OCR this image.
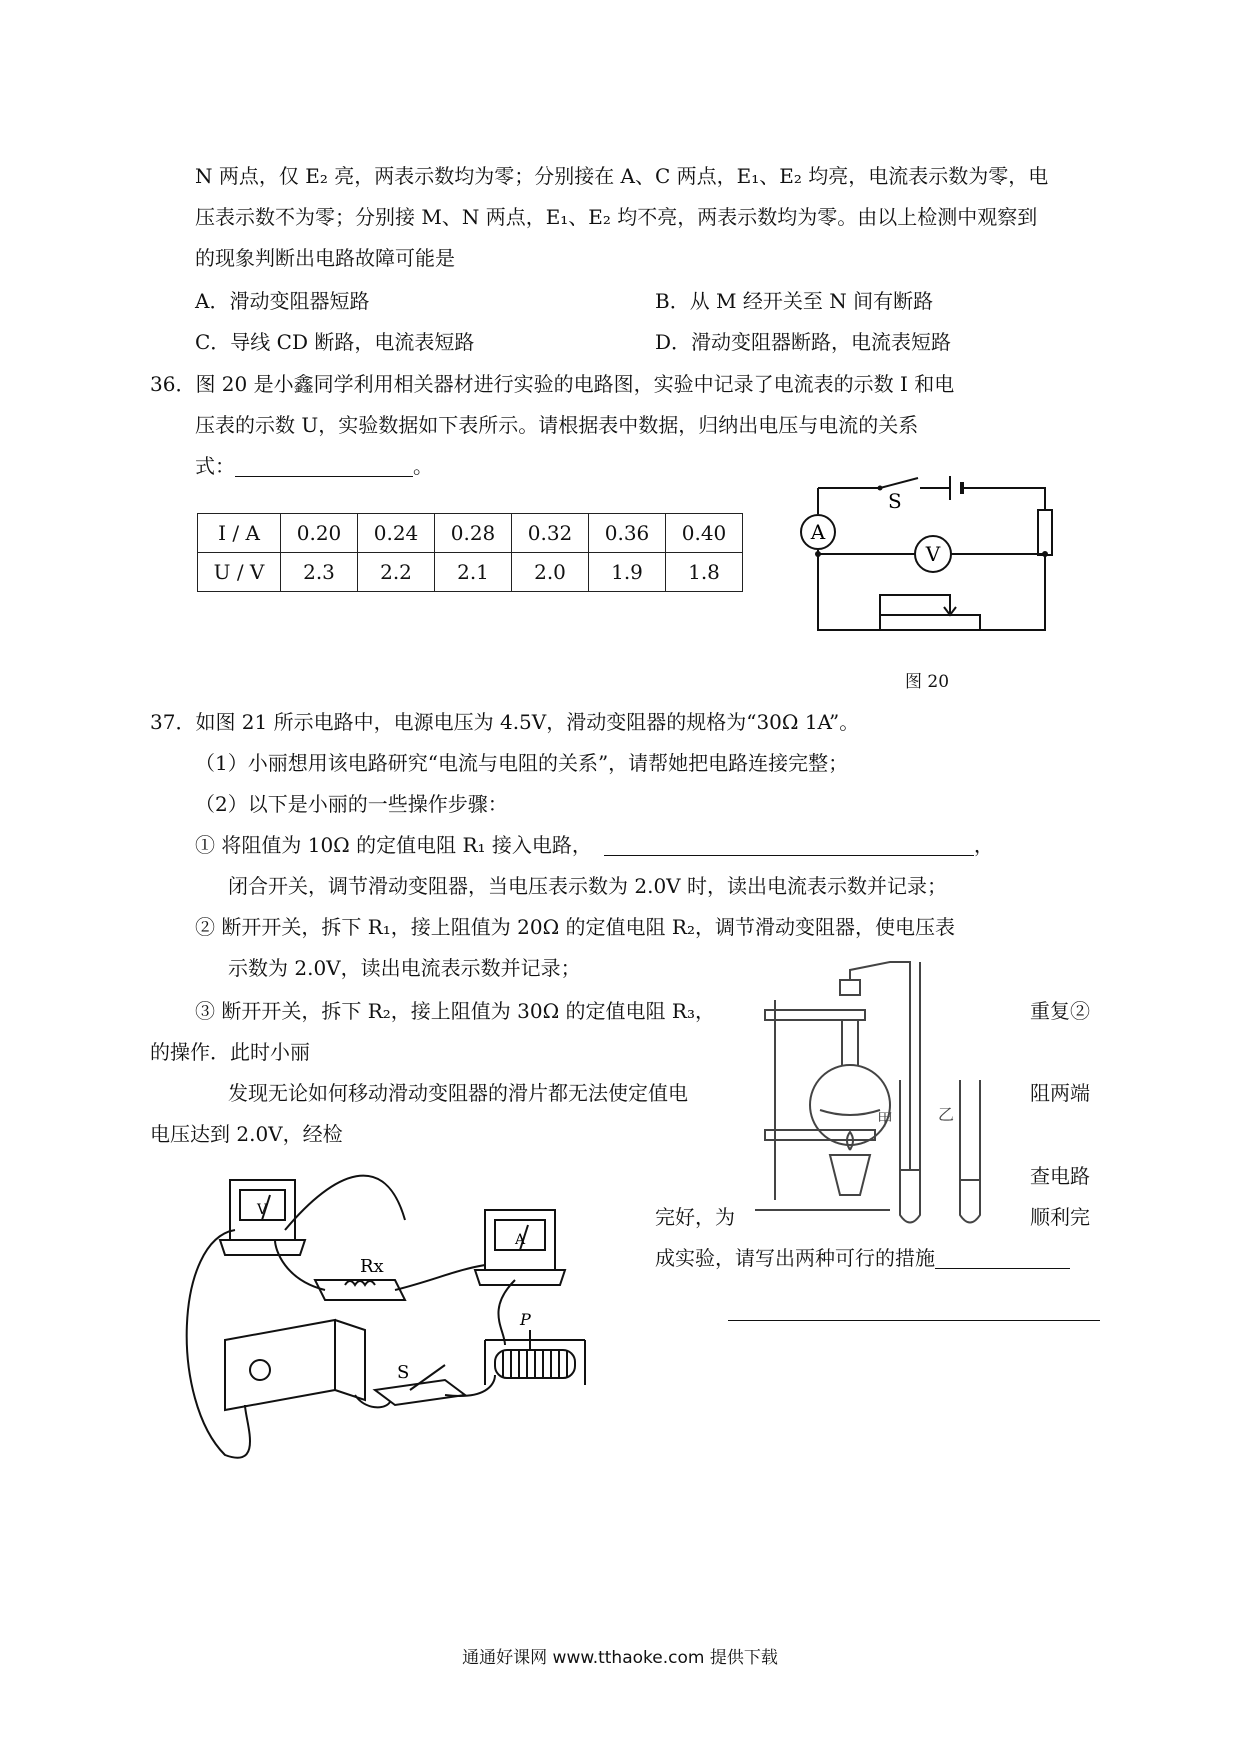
N 两点，仅 E₂ 亮，两表示数均为零；分别接在 A、C 两点，E₁、E₂ 均亮，电流表示数为零，电
压表示数不为零；分别接 M、N 两点，E₁、E₂ 均不亮，两表示数均为零。由以上检测中观察到
的现象判断出电路故障可能是
A．滑动变阻器短路	B．从 M 经开关至 N 间有断路
C．导线 CD 断路，电流表短路	D．滑动变阻器断路，电流表短路
36．图 20 是小鑫同学利用相关器材进行实验的电路图，实验中记录了电流表的示数 I 和电
压表的示数 U，实验数据如下表所示。请根据表中数据，归纳出电压与电流的关系
式：	。
I / A	0.20	0.24	0.28	0.32	0.36	0.40
U / V	2.3	2.2	2.1	2.0	1.9	1.8
A
V
S
图 20
37．如图 21 所示电路中，电源电压为 4.5V，滑动变阻器的规格为“30Ω 1A”。
（1）小丽想用该电路研究“电流与电阻的关系”，请帮她把电路连接完整；
（2）以下是小丽的一些操作步骤：
① 将阻值为 10Ω 的定值电阻 R₁ 接入电路，	，
闭合开关，调节滑动变阻器，当电压表示数为 2.0V 时，读出电流表示数并记录；
② 断开开关，拆下 R₁，接上阻值为 20Ω 的定值电阻 R₂，调节滑动变阻器，使电压表
示数为 2.0V，读出电流表示数并记录；
③ 断开开关，拆下 R₂，接上阻值为 30Ω 的定值电阻 R₃，	重复②
的操作．此时小丽
发现无论如何移动滑动变阻器的滑片都无法使定值电	阻两端
电压达到 2.0V，经检
查电路
完好，为	顺利完
成实验，请写出两种可行的措施
甲	乙
V
A
Rx
P
S
通通好课网 www.tthaoke.com 提供下载
